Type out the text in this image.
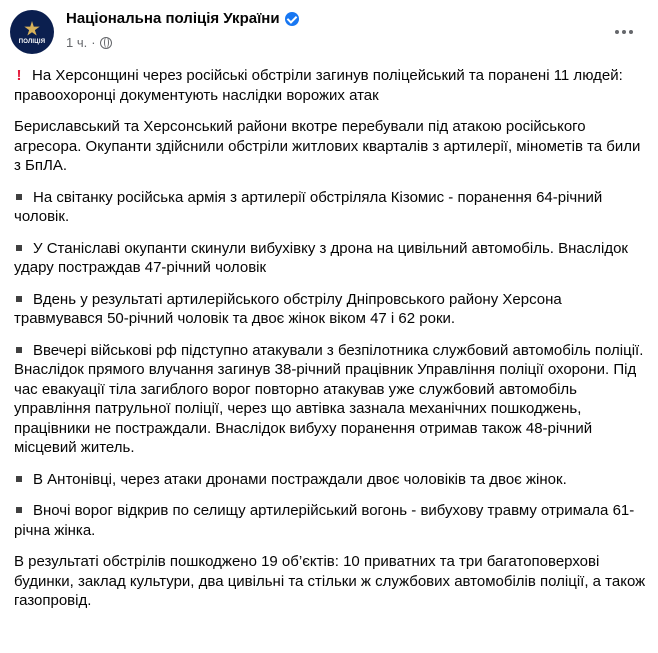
ПОЛІЦІЯ
Національна поліція України
1 ч. ·

! На Херсонщині через російські обстріли загинув поліцейський та поранені 11 людей: правоохоронці документують наслідки ворожих атак

Бериславський та Херсонський райони вкотре перебували під атакою російського агресора. Окупанти здійснили обстріли житлових кварталів з артилерії, мінометів та били з БпЛА.

На світанку російська армія з артилерії обстріляла Кізомис - поранення 64-річний чоловік.

У Станіславі окупанти скинули вибухівку з дрона на цивільний автомобіль. Внаслідок удару постраждав 47-річний чоловік

Вдень у результаті артилерійського обстрілу Дніпровського району Херсона травмувався 50-річний чоловік та двоє жінок віком 47 і 62 роки.

Ввечері військові рф підступно атакували з безпілотника службовий автомобіль поліції. Внаслідок прямого влучання загинув 38-річний працівник Управління поліції охорони. Під час евакуації тіла загиблого ворог повторно атакував уже службовий автомобіль управління патрульної поліції, через що автівка зазнала механічних пошкоджень, працівники не постраждали. Внаслідок вибуху поранення отримав також 48-річний місцевий житель.

В Антонівці, через атаки дронами постраждали двоє чоловіків та двоє жінок.

Вночі ворог відкрив по селищу артилерійський вогонь - вибухову травму отримала 61-річна жінка.

В результаті обстрілів пошкоджено 19 об’єктів: 10 приватних та три багатоповерхові будинки, заклад культури, два цивільні та стільки ж службових автомобілів поліції, а також газопровід.
